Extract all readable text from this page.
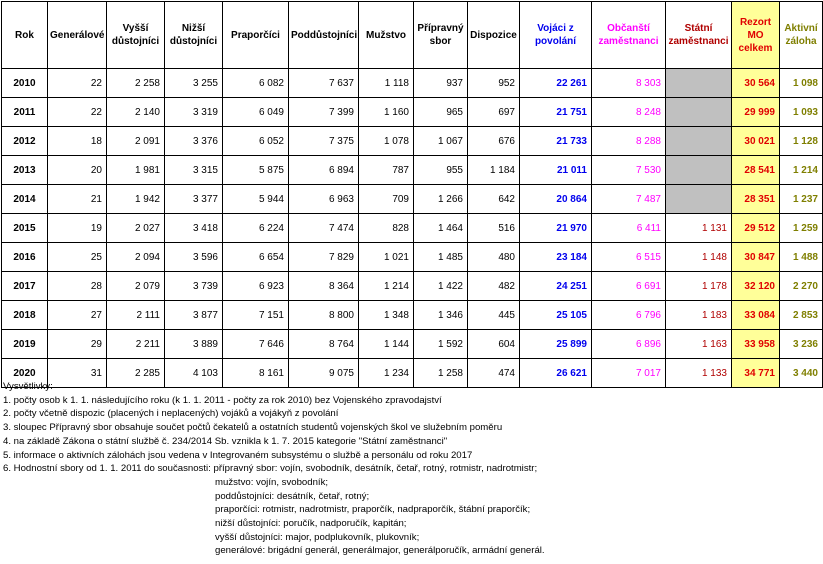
Rok	Generálové	Vyšší důstojníci	Nižší důstojníci	Praporčíci	Poddůstojníci	Mužstvo	Přípravný sbor	Dispozice	Vojáci z povolání	Občanští zaměstnanci	Státní zaměstnanci	Rezort MO celkem	Aktivní záloha
2010	22	2 258	3 255	6 082	7 637	1 118	937	952	22 261	8 303		30 564	1 098
2011	22	2 140	3 319	6 049	7 399	1 160	965	697	21 751	8 248		29 999	1 093
2012	18	2 091	3 376	6 052	7 375	1 078	1 067	676	21 733	8 288		30 021	1 128
2013	20	1 981	3 315	5 875	6 894	787	955	1 184	21 011	7 530		28 541	1 214
2014	21	1 942	3 377	5 944	6 963	709	1 266	642	20 864	7 487		28 351	1 237
2015	19	2 027	3 418	6 224	7 474	828	1 464	516	21 970	6 411	1 131	29 512	1 259
2016	25	2 094	3 596	6 654	7 829	1 021	1 485	480	23 184	6 515	1 148	30 847	1 488
2017	28	2 079	3 739	6 923	8 364	1 214	1 422	482	24 251	6 691	1 178	32 120	2 270
2018	27	2 111	3 877	7 151	8 800	1 348	1 346	445	25 105	6 796	1 183	33 084	2 853
2019	29	2 211	3 889	7 646	8 764	1 144	1 592	604	25 899	6 896	1 163	33 958	3 236
2020	31	2 285	4 103	8 161	9 075	1 234	1 258	474	26 621	7 017	1 133	34 771	3 440
Vysvětlivky:
1. počty osob k 1. 1. následujícího roku (k 1. 1. 2011 - počty za rok 2010) bez Vojenského zpravodajství
2. počty včetně dispozic (placených i neplacených) vojáků a vojákyň z povolání
3. sloupec Přípravný sbor obsahuje součet počtů čekatelů a ostatních studentů vojenských škol ve služebním poměru
4. na základě Zákona o státní službě č. 234/2014 Sb. vznikla k 1. 7. 2015 kategorie "Státní zaměstnanci"
5. informace o aktivních zálohách jsou vedena v Integrovaném subsystému o službě a personálu od roku 2017
6. Hodnostní sbory od 1. 1. 2011 do současnosti: přípravný sbor: vojín, svobodník, desátník, četař, rotný, rotmistr, nadrotmistr;
mužstvo: vojín, svobodník;
poddůstojníci: desátník, četař, rotný;
praporčíci: rotmistr, nadrotmistr, praporčík, nadpraporčík, štábní praporčík;
nižší důstojníci: poručík, nadporučík, kapitán;
vyšší důstojníci: major, podplukovník, plukovník;
generálové: brigádní generál, generálmajor, generálporučík, armádní generál.
